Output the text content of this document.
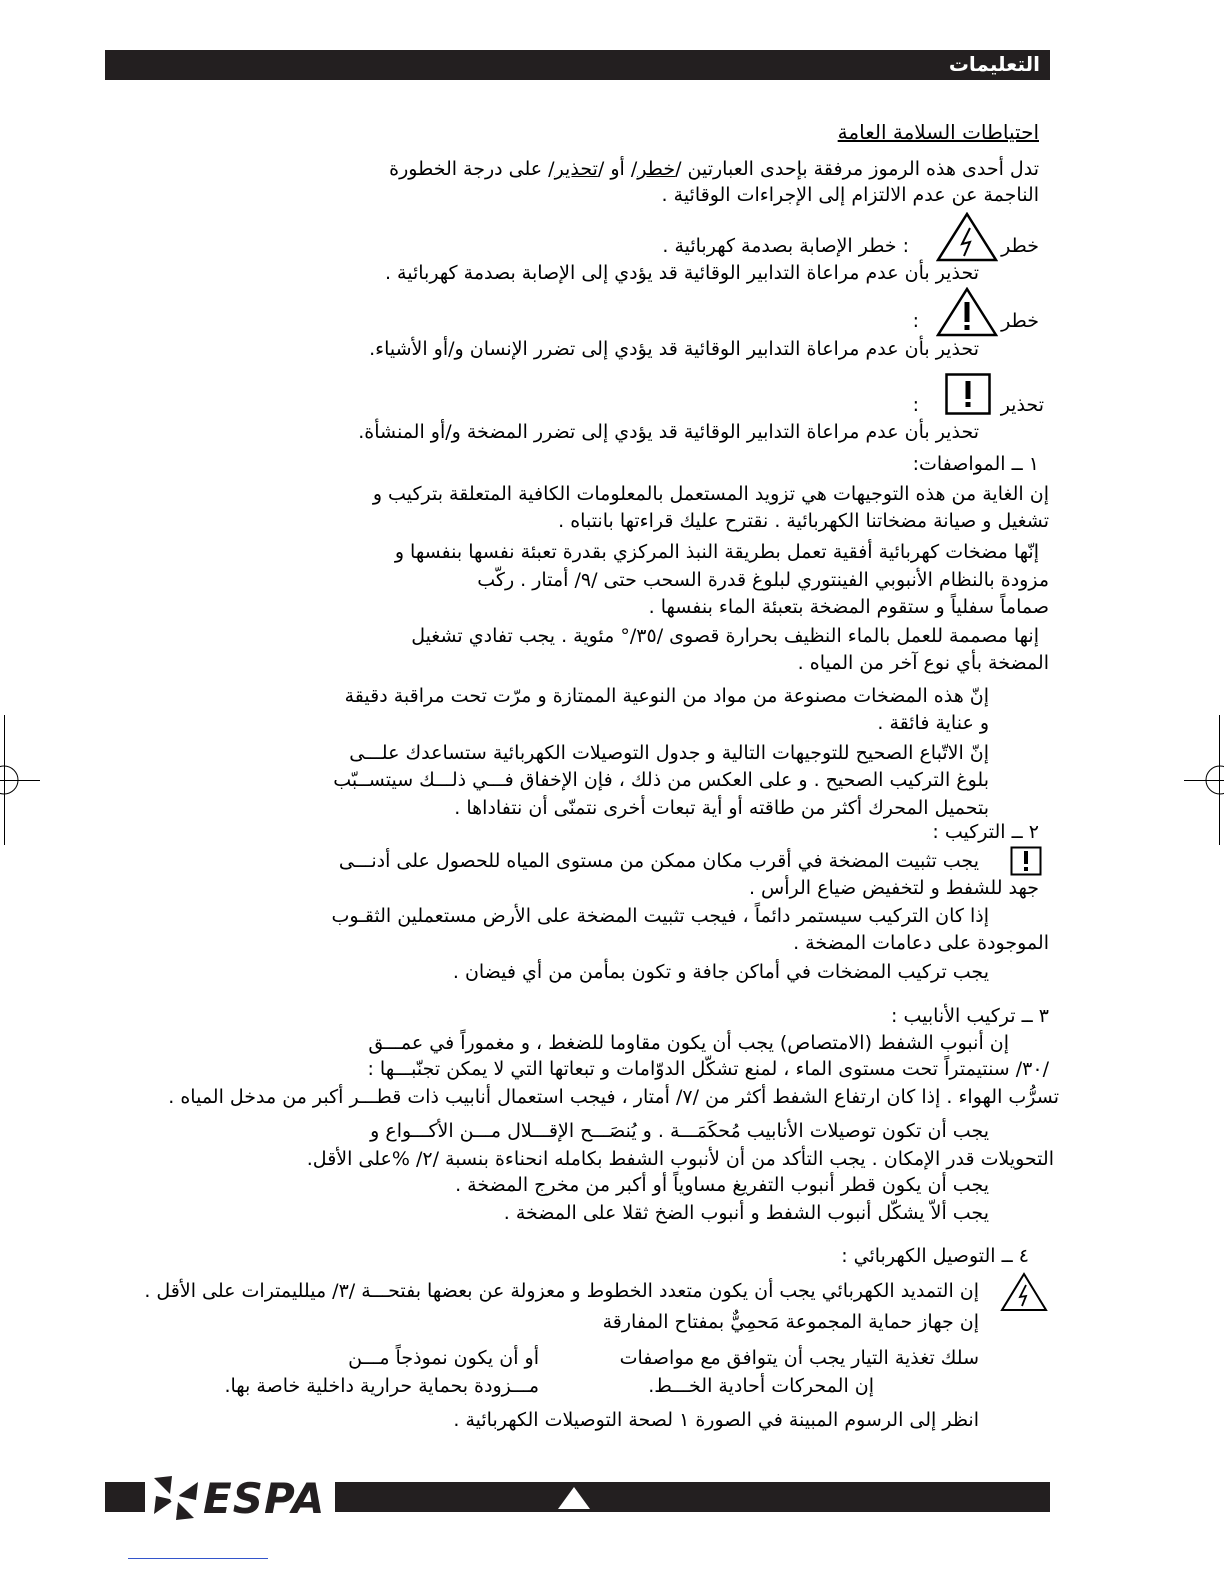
التعليمات
احتياطات السلامة العامة
تدل أحدى هذه الرموز مرفقة بإحدى العبارتين /خطر/ أو /تحذير/ على درجة الخطورة
الناجمة عن عدم الالتزام إلى الإجراءات الوقائية .
خطر
: خطر الإصابة بصدمة كهربائية .
تحذير بأن عدم مراعاة التدابير الوقائية قد يؤدي إلى الإصابة بصدمة كهربائية .
خطر
:
تحذير بأن عدم مراعاة التدابير الوقائية قد يؤدي إلى تضرر الإنسان و/أو الأشياء.
تحذير
:
تحذير بأن عدم مراعاة التدابير الوقائية قد يؤدي إلى تضرر المضخة و/أو المنشأة.
١ ــ المواصفات:
إن الغاية من هذه التوجيهات هي تزويد المستعمل بالمعلومات الكافية المتعلقة بتركيب و
تشغيل و صيانة مضخاتنا الكهربائية . نقترح عليك قراءتها بانتباه .
إنّها مضخات كهربائية أفقية تعمل بطريقة النبذ المركزي بقدرة تعبئة نفسها بنفسها و
مزودة بالنظام الأنبوبي الفينتوري لبلوغ قدرة السحب حتى /٩/ أمتار . ركّب
صماماً سفلياً و ستقوم المضخة بتعبئة الماء بنفسها .
إنها مصممة للعمل بالماء النظيف بحرارة قصوى /٣٥/° مئوية . يجب تفادي تشغيل
المضخة بأي نوع آخر من المياه .
إنّ هذه المضخات مصنوعة من مواد من النوعية الممتازة و مرّت تحت مراقبة دقيقة
و عناية فائقة .
إنّ الاتّباع الصحيح للتوجيهات التالية و جدول التوصيلات الكهربائية ستساعدك علـــى
بلوغ التركيب الصحيح . و على العكس من ذلك ، فإن الإخفاق فـــي ذلـــك سيتســبّب
بتحميل المحرك أكثر من طاقته أو أية تبعات أخرى نتمنّى أن نتفاداها .
٢ ــ التركيب :
يجب تثبيت المضخة في أقرب مكان ممكن من مستوى المياه للحصول على أدنـــى
جهد للشفط و لتخفيض ضياع الرأس .
إذا كان التركيب سيستمر دائماً ، فيجب تثبيت المضخة على الأرض مستعملين الثقـوب
الموجودة على دعامات المضخة .
يجب تركيب المضخات في أماكن جافة و تكون بمأمن من أي فيضان .
٣ ــ تركيب الأنابيب :
إن أنبوب الشفط (الامتصاص) يجب أن يكون مقاوما للضغط ، و مغموراً في عمـــق
/٣٠/ سنتيمتراً تحت مستوى الماء ، لمنع تشكّل الدوّامات و تبعاتها التي لا يمكن تجنّبـــها :
تسرُّب الهواء . إذا كان ارتفاع الشفط أكثر من /٧/ أمتار ، فيجب استعمال أنابيب ذات قطـــر أكبر من مدخل المياه .
يجب أن تكون توصيلات الأنابيب مُحكَمَـــة . و يُنصَـــح الإقـــلال مـــن الأكـــواع و
التحويلات قدر الإمكان . يجب التأكد من أن لأنبوب الشفط بكامله انحناءة بنسبة /٢/ %على الأقل.
يجب أن يكون قطر أنبوب التفريغ مساوياً أو أكبر من مخرج المضخة .
يجب ألاّ يشكّل أنبوب الشفط و أنبوب الضخ ثقلا على المضخة .
٤ ــ التوصيل الكهربائي :
إن التمديد الكهربائي يجب أن يكون متعدد الخطوط و معزولة عن بعضها بفتحـــة /٣/ ميلليمترات على الأقل .
إن جهاز حماية المجموعة مَحمِيٌّ بمفتاح المفارقة
سلك تغذية التيار يجب أن يتوافق مع مواصفات
أو أن يكون نموذجاً مـــن
إن المحركات أحادية الخـــط.
مـــزودة بحماية حرارية داخلية خاصة بها.
انظر إلى الرسوم المبينة في الصورة ١ لصحة التوصيلات الكهربائية .
ESPA
